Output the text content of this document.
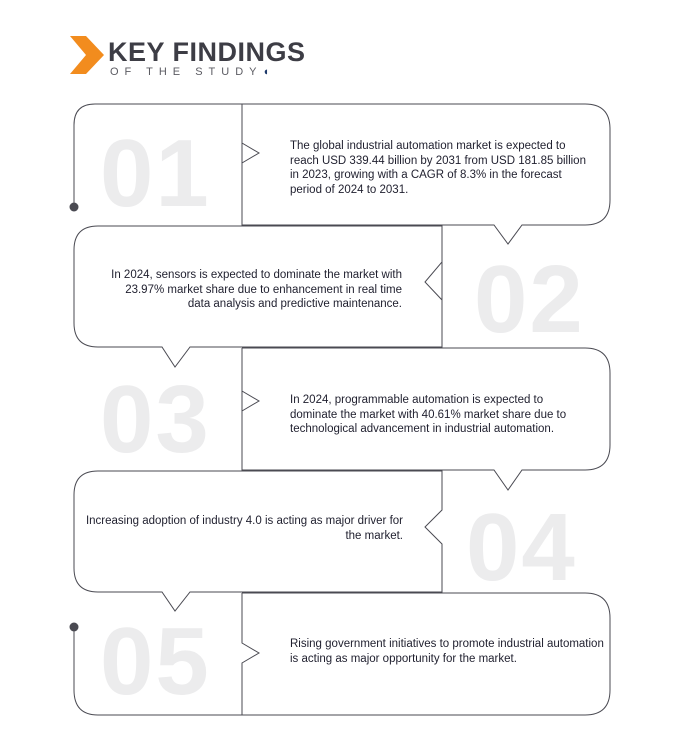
KEY FINDINGS
OF THE STUDY◖
01
02
03
04
05
The global industrial automation market is expected to reach USD 339.44 billion by 2031 from USD 181.85 billion in 2023, growing with a CAGR of 8.3% in the forecast period of 2024 to 2031.
In 2024, sensors is expected to dominate the market with 23.97% market share due to enhancement in real time data analysis and predictive maintenance.
In 2024, programmable automation is expected to dominate the market with 40.61% market share due to technological advancement in industrial automation.
Increasing adoption of industry 4.0 is acting as major driver for the market.
Rising government initiatives to promote industrial automation is acting as major opportunity for the market.
